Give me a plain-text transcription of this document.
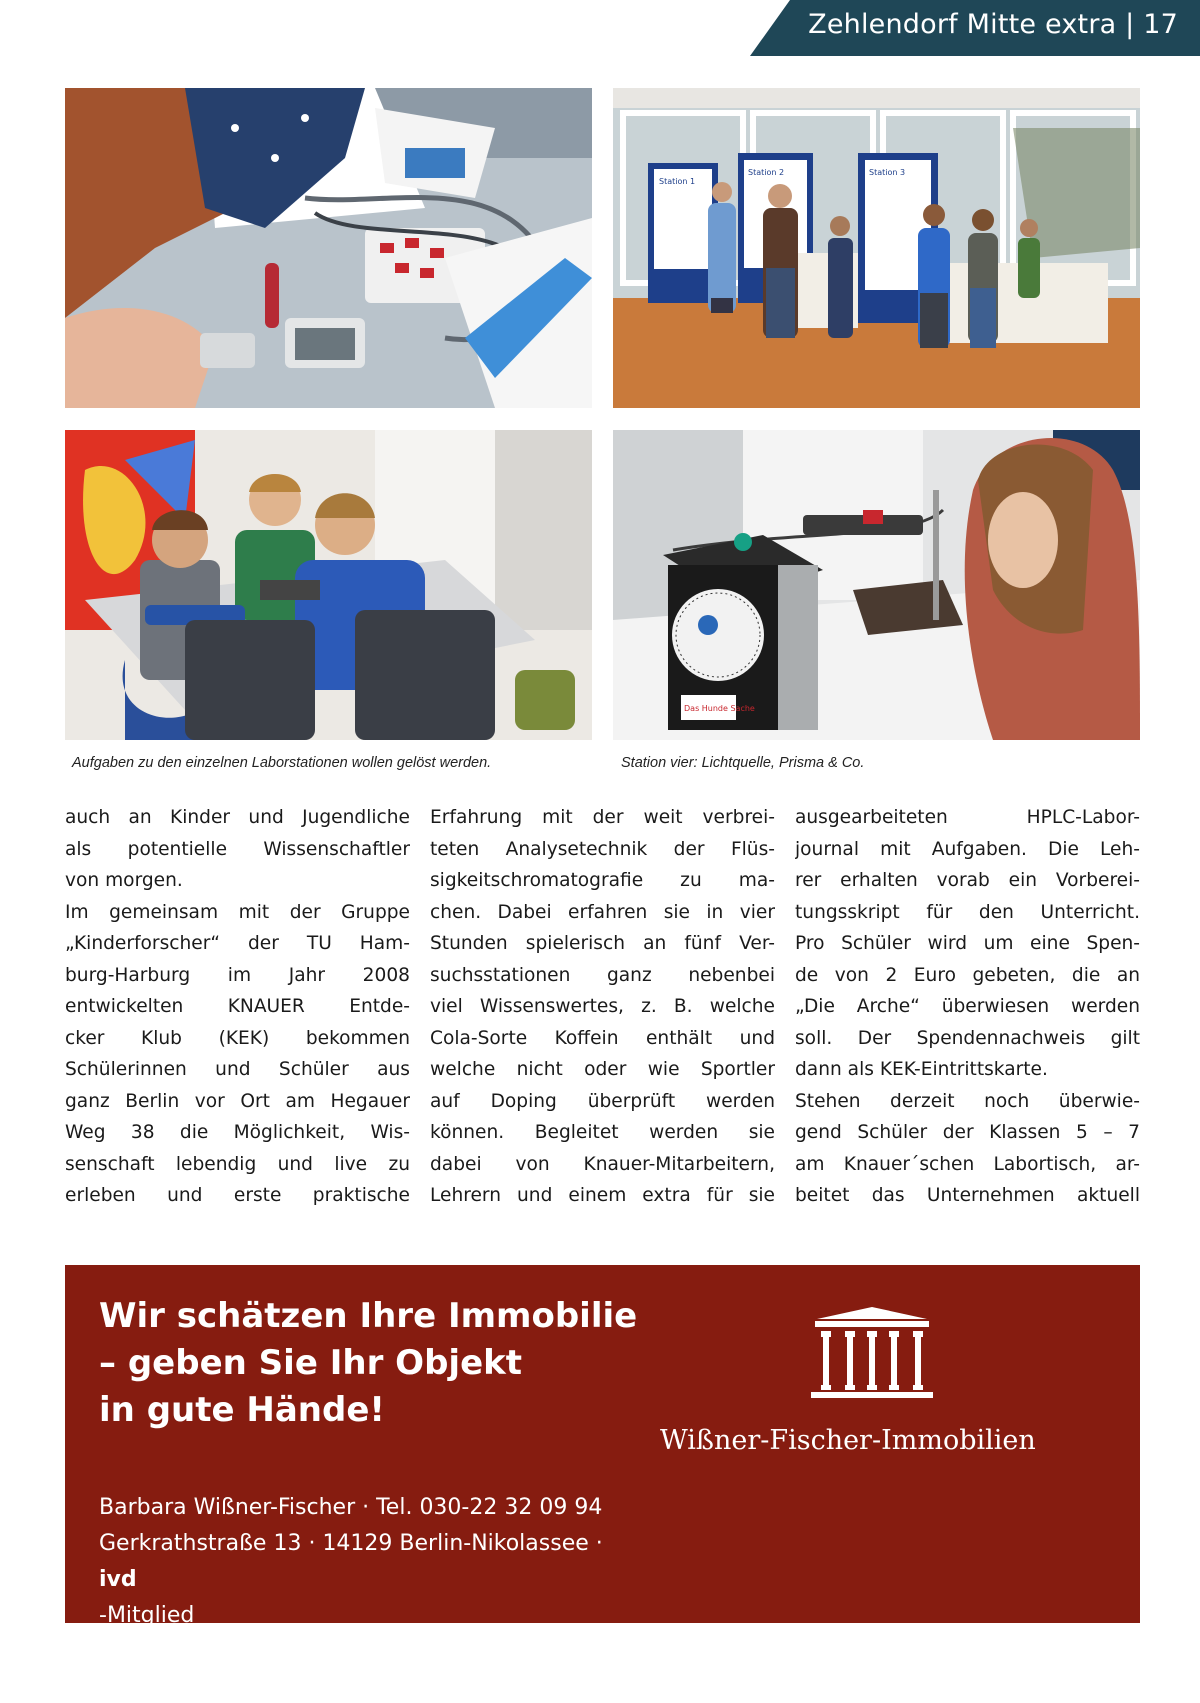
Zehlendorf Mitte extra | 17
Station 1
Station 2	Station 3
Das Hunde Sache
Aufgaben zu den einzelnen Laborstationen wollen gelöst werden.	Station vier: Lichtquelle, Prisma & Co.
auch an Kinder und Jugendliche
als potentielle Wissenschaftler
von morgen.
Im gemeinsam mit der Gruppe
„Kinderforscher“ der TU Ham-
burg-Harburg im Jahr 2008
entwickelten KNAUER Entde-
cker Klub (KEK) bekommen
Schülerinnen und Schüler aus
ganz Berlin vor Ort am Hegauer
Weg 38 die Möglichkeit, Wis-
senschaft lebendig und live zu
erleben und erste praktische
Erfahrung mit der weit verbrei-
teten Analysetechnik der Flüs-
sigkeitschromatografie zu ma-
chen. Dabei erfahren sie in vier
Stunden spielerisch an fünf Ver-
suchsstationen ganz nebenbei
viel Wissenswertes, z. B. welche
Cola-Sorte Koffein enthält und
welche nicht oder wie Sportler
auf Doping überprüft werden
können. Begleitet werden sie
dabei von Knauer-Mitarbeitern,
Lehrern und einem extra für sie
ausgearbeiteten HPLC-Labor-
journal mit Aufgaben. Die Leh-
rer erhalten vorab ein Vorberei-
tungsskript für den Unterricht.
Pro Schüler wird um eine Spen-
de von 2 Euro gebeten, die an
„Die Arche“ überwiesen werden
soll. Der Spendennachweis gilt
dann als KEK-Eintrittskarte.
Stehen derzeit noch überwie-
gend Schüler der Klassen 5 – 7
am Knauer´schen Labortisch, ar-
beitet das Unternehmen aktuell
Wir schätzen Ihre Immobilie
– geben Sie Ihr Objekt
in gute Hände!
Wißner-Fischer-Immobilien
Barbara Wißner-Fischer · Tel. 030-22 32 09 94
Gerkrathstraße 13 · 14129 Berlin-Nikolassee ·
ivd
-Mitglied
www.wissner-fischer-immobilien.de
